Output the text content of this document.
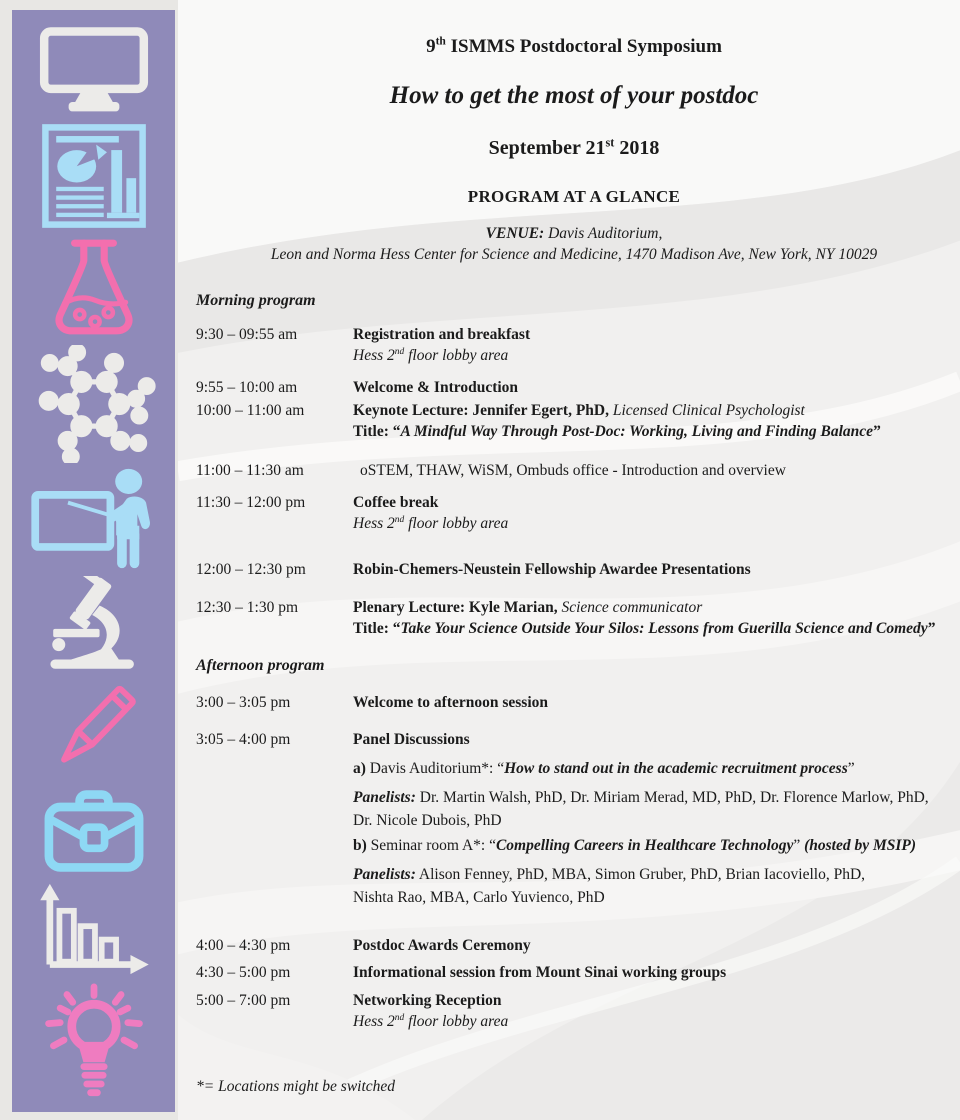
9th ISMMS Postdoctoral Symposium
How to get the most of your postdoc
September 21st 2018
PROGRAM AT A GLANCE
VENUE: Davis Auditorium,
Leon and Norma Hess Center for Science and Medicine, 1470 Madison Ave, New York, NY 10029
Morning program
9:30 – 09:55 am	Registration and breakfast
Hess 2nd floor lobby area
9:55 – 10:00 am	Welcome & Introduction
10:00 – 11:00 am	Keynote Lecture: Jennifer Egert, PhD, Licensed Clinical Psychologist
Title: “A Mindful Way Through Post-Doc: Working, Living and Finding Balance”
11:00 – 11:30 am	oSTEM, THAW, WiSM, Ombuds office - Introduction and overview
11:30 – 12:00 pm	Coffee break
Hess 2nd floor lobby area
12:00 – 12:30 pm	Robin-Chemers-Neustein Fellowship Awardee Presentations
12:30 – 1:30 pm	Plenary Lecture: Kyle Marian, Science communicator
Title: “Take Your Science Outside Your Silos: Lessons from Guerilla Science and Comedy”
Afternoon program
3:00 – 3:05 pm	Welcome to afternoon session
3:05 – 4:00 pm	Panel Discussions
a) Davis Auditorium*: “How to stand out in the academic recruitment process”
Panelists: Dr. Martin Walsh, PhD, Dr. Miriam Merad, MD, PhD, Dr. Florence Marlow, PhD,
Dr. Nicole Dubois, PhD
b) Seminar room A*: “Compelling Careers in Healthcare Technology” (hosted by MSIP)
Panelists: Alison Fenney, PhD, MBA, Simon Gruber, PhD, Brian Iacoviello, PhD,
Nishta Rao, MBA, Carlo Yuvienco, PhD
4:00 – 4:30 pm	Postdoc Awards Ceremony
4:30 – 5:00 pm	Informational session from Mount Sinai working groups
5:00 – 7:00 pm	Networking Reception
Hess 2nd floor lobby area
*= Locations might be switched
